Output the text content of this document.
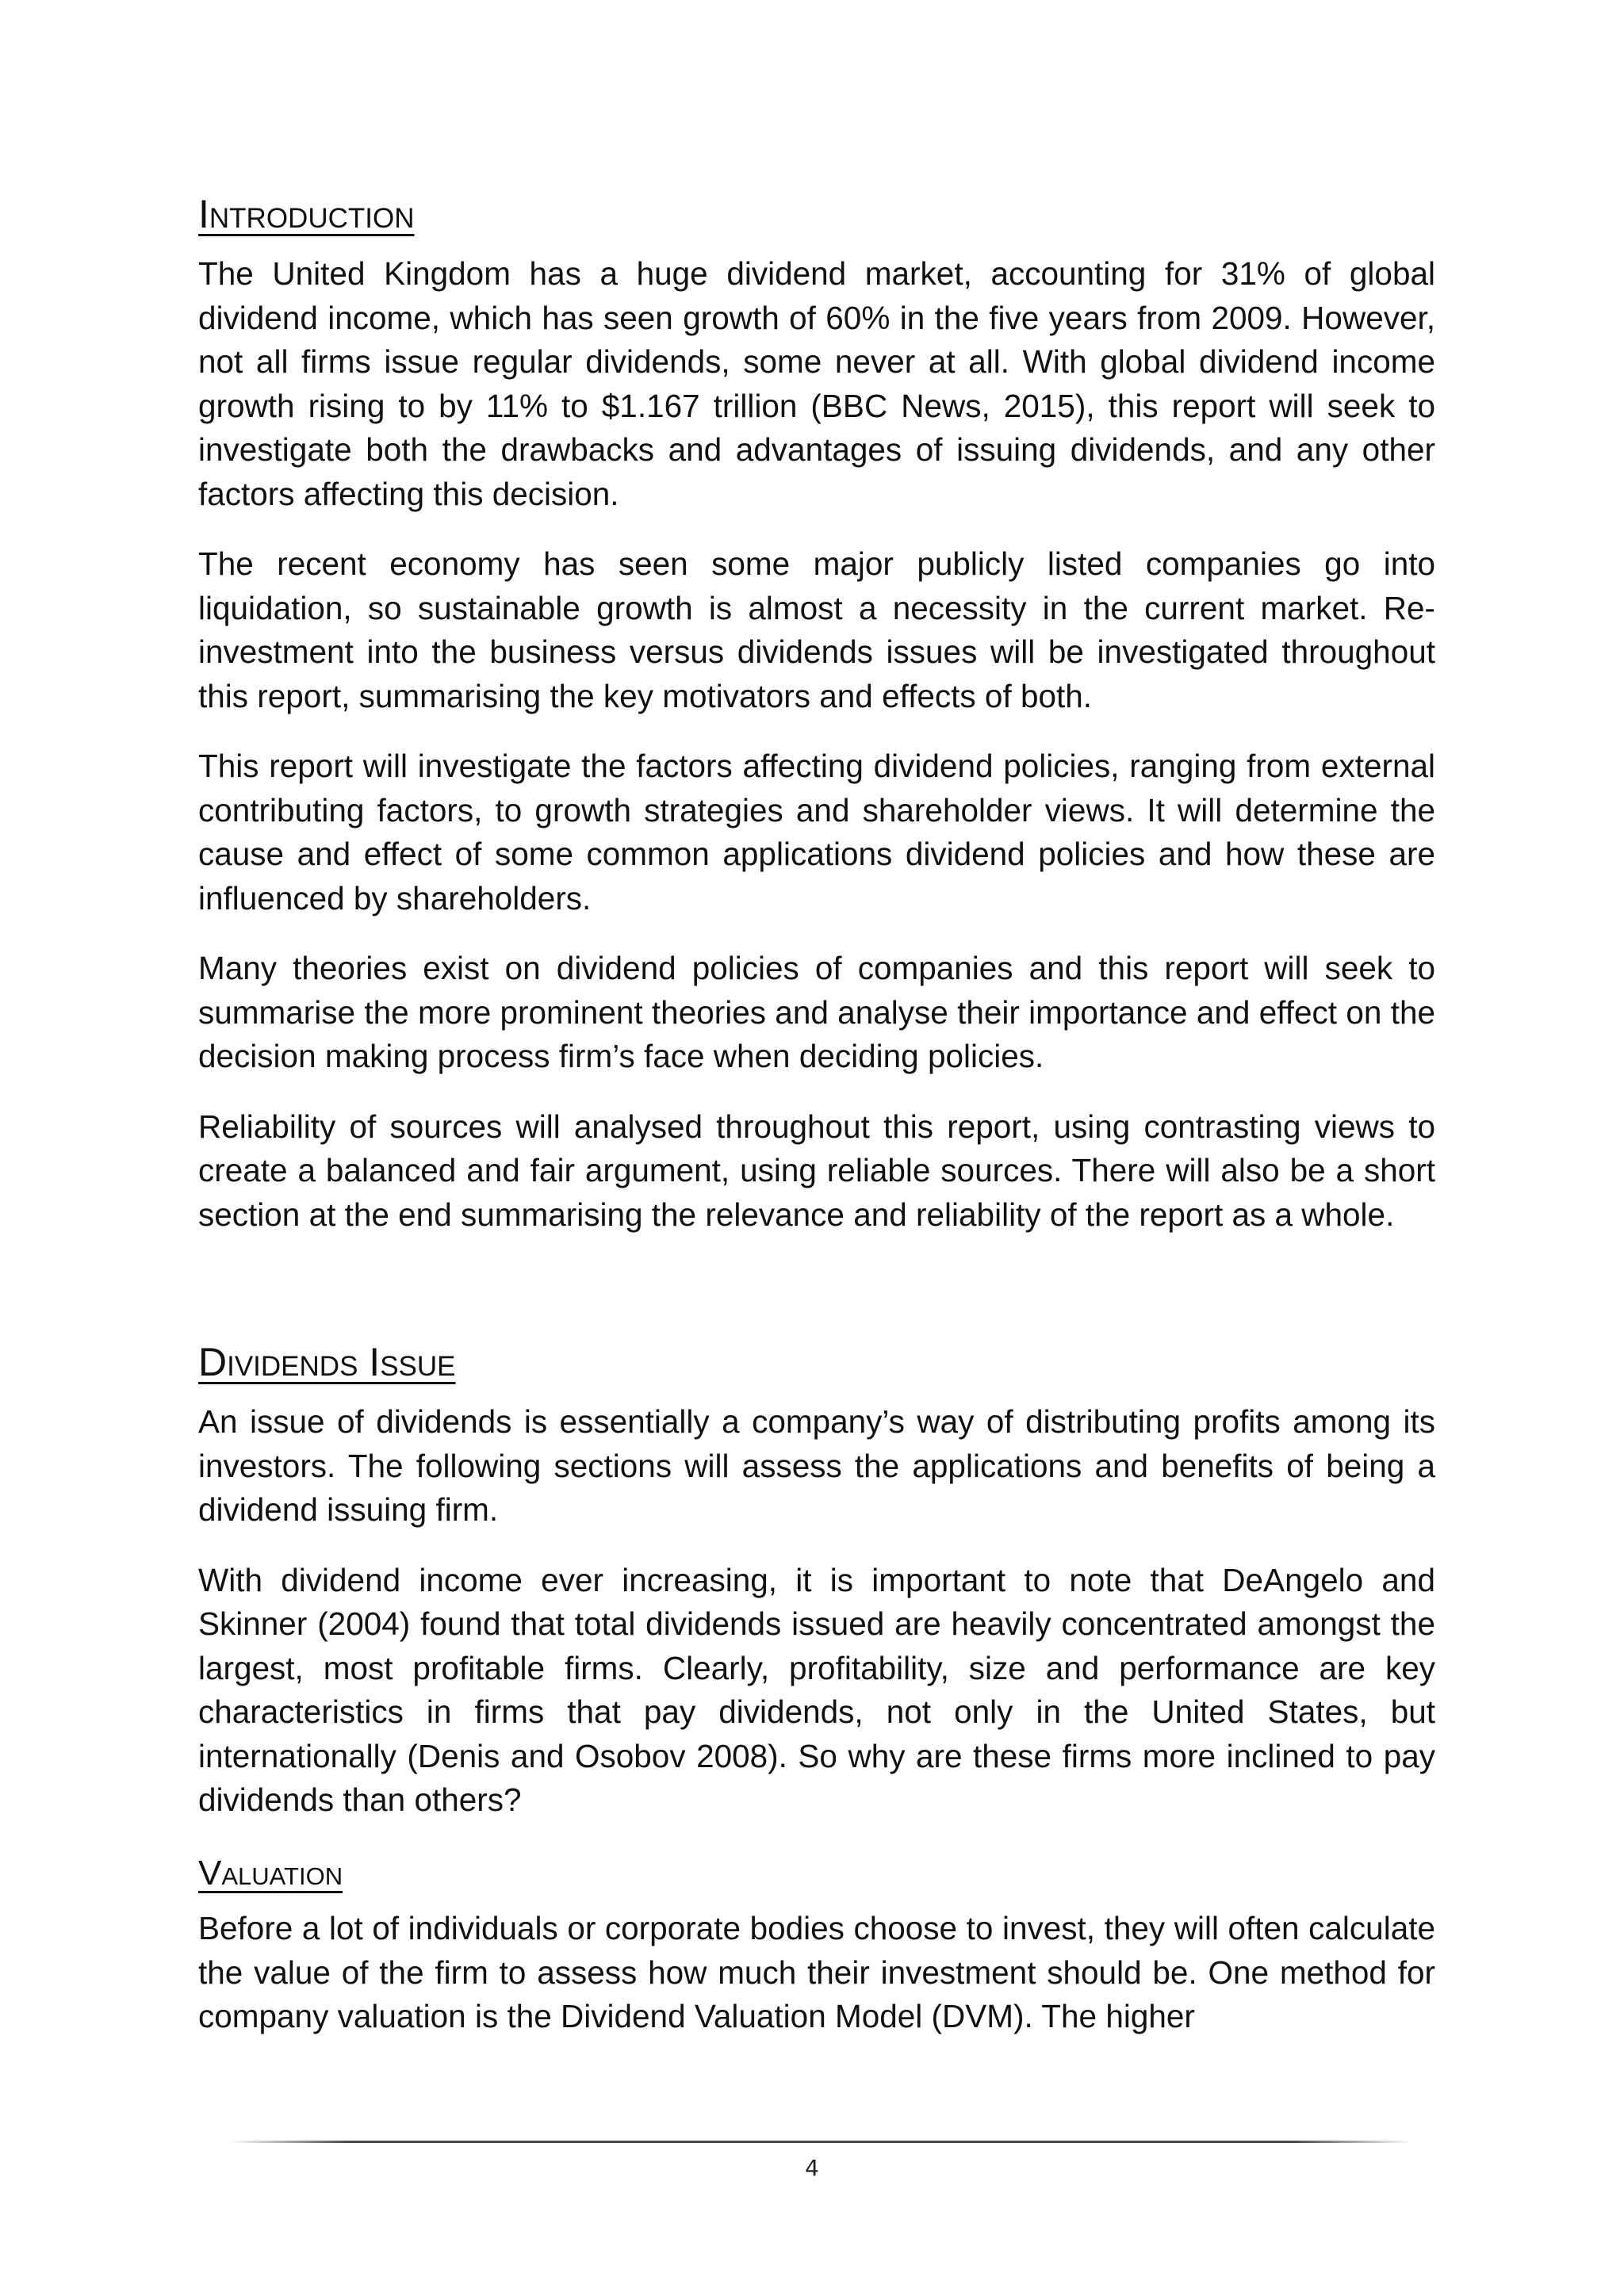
Introduction

The United Kingdom has a huge dividend market, accounting for 31% of global dividend income, which has seen growth of 60% in the five years from 2009. However, not all firms issue regular dividends, some never at all. With global dividend income growth rising to by 11% to $1.167 trillion (BBC News, 2015), this report will seek to investigate both the drawbacks and advantages of issuing dividends, and any other factors affecting this decision.

The recent economy has seen some major publicly listed companies go into liquidation, so sustainable growth is almost a necessity in the current market. Re-investment into the business versus dividends issues will be investigated throughout this report, summarising the key motivators and effects of both.

This report will investigate the factors affecting dividend policies, ranging from external contributing factors, to growth strategies and shareholder views. It will determine the cause and effect of some common applications dividend policies and how these are influenced by shareholders.

Many theories exist on dividend policies of companies and this report will seek to summarise the more prominent theories and analyse their importance and effect on the decision making process firm’s face when deciding policies.

Reliability of sources will analysed throughout this report, using contrasting views to create a balanced and fair argument, using reliable sources. There will also be a short section at the end summarising the relevance and reliability of the report as a whole.

Dividends Issue

An issue of dividends is essentially a company’s way of distributing profits among its investors. The following sections will assess the applications and benefits of being a dividend issuing firm.

With dividend income ever increasing, it is important to note that DeAngelo and Skinner (2004) found that total dividends issued are heavily concentrated amongst the largest, most profitable firms. Clearly, profitability, size and performance are key characteristics in firms that pay dividends, not only in the United States, but internationally (Denis and Osobov 2008). So why are these firms more inclined to pay dividends than others?

Valuation

Before a lot of individuals or corporate bodies choose to invest, they will often calculate the value of the firm to assess how much their investment should be. One method for company valuation is the Dividend Valuation Model (DVM). The higher

4
